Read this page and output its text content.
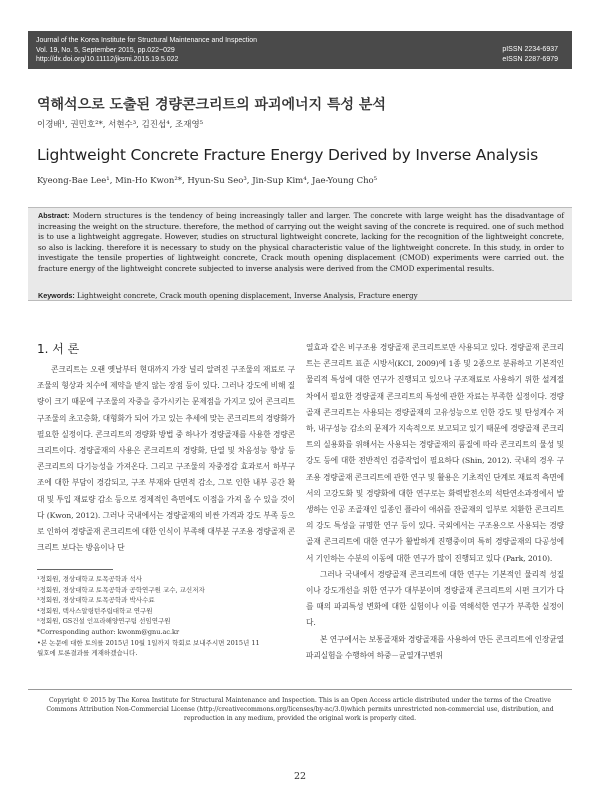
Journal of the Korea Institute for Structural Maintenance and Inspection
Vol. 19, No. 5, September 2015, pp.022~029
http://dx.doi.org/10.11112/jksmi.2015.19.5.022
pISSN 2234-6937
eISSN 2287-6979
역해석으로 도출된 경량콘크리트의 파괴에너지 특성 분석
이경배¹, 권민호²*, 서현수³, 김진섭⁴, 조재영⁵
Lightweight Concrete Fracture Energy Derived by Inverse Analysis
Kyeong-Bae Lee¹, Min-Ho Kwon²*, Hyun-Su Seo³, Jin-Sup Kim⁴, Jae-Young Cho⁵
Abstract: Modern structures is the tendency of being increasingly taller and larger. The concrete with large weight has the disadvantage of increasing the weight on the structure. therefore, the method of carrying out the weight saving of the concrete is required. one of such method is to use a lightweight aggregate. However, studies on structural lightweight concrete, lacking for the recognition of the lightweight concrete, so also is lacking. therefore it is necessary to study on the physical characteristic value of the lightweight concrete. In this study, in order to investigate the tensile properties of lightweight concrete, Crack mouth opening displacement (CMOD) experiments were carried out. the fracture energy of the lightweight concrete subjected to inverse analysis were derived from the CMOD experimental results.
Keywords: Lightweight concrete, Crack mouth opening displacement, Inverse Analysis, Fracture energy
1. 서 론

콘크리트는 오랜 옛날부터 현대까지 가장 널리 알려진 구조물의 재료로 구조물의 형상과 치수에 제약을 받지 않는 장점 등이 있다. 그러나 강도에 비해 질량이 크기 때문에 구조물의 자중을 증가시키는 문제점을 가지고 있어 콘크리트 구조물의 초고층화, 대형화가 되어 가고 있는 추세에 맞는 콘크리트의 경량화가 필요한 실정이다. 콘크리트의 경량화 방법 중 하나가 경량골재를 사용한 경량콘크리트이다. 경량골재의 사용은 콘크리트의 경량화, 단열 및 차음성능 향상 등 콘크리트의 다기능성을 가져온다. 그리고 구조물의 자중경감 효과로서 하부구조에 대한 부담이 경감되고, 구조 부재와 단면적 감소, 그로 인한 내부 공간 확대 및 투입 재료량 감소 등으로 경제적인 측면에도 이점을 가져 올 수 있을 것이다 (Kwon, 2012). 그러나 국내에서는 경량골재의 비싼 가격과 강도 부족 등으로 인하여 경량골재 콘크리트에 대한 인식이 부족해 대부분 구조용 경량골재 콘크리트 보다는 방음이나 단

¹정회원, 경상대학교 토목공학과 석사
²정회원, 경상대학교 토목공학과 공학연구원 교수, 교신저자
³정회원, 경상대학교 토목공학과 박사수료
⁴정회원, 텍사스알링턴주립대학교 연구원
⁵정회원, GS건설 인프라해양연구팀 선임연구원
*Corresponding author: kwonm@gnu.ac.kr
•본 논문에 대한 토의를 2015년 10월 1일까지 학회로 보내주시면 2015년 11
월호에 토론결과를 게재하겠습니다.

열효과 같은 비구조용 경량골재 콘크리트로만 사용되고 있다. 경량골재 콘크리트는 콘크리트 표준 시방서(KCI, 2009)에 1종 및 2종으로 분류하고 기본적인 물리적 특성에 대한 연구가 진행되고 있으나 구조재료로 사용하기 위한 설계절차에서 필요한 경량골재 콘크리트의 특성에 관한 자료는 부족한 실정이다. 경량골재 콘크리트는 사용되는 경량골재의 고유성능으로 인한 강도 및 탄성계수 저하, 내구성능 감소의 문제가 지속적으로 보고되고 있기 때문에 경량골재 콘크리트의 실용화를 위해서는 사용되는 경량골재의 품질에 따라 콘크리트의 물성 및 강도 등에 대한 전반적인 검증작업이 필요하다 (Shin, 2012). 국내의 경우 구조용 경량골재 콘크리트에 관한 연구 및 활용은 기초적인 단계로 재료적 측면에서의 고강도화 및 경량화에 대한 연구로는 화력발전소의 석탄연소과정에서 발생하는 인공 조골재인 일종인 플라이 애쉬를 잔골재의 일부로 치환한 콘크리트의 강도 특성을 규명한 연구 등이 있다. 국외에서는 구조용으로 사용되는 경량골재 콘크리트에 대한 연구가 활발하게 진행중이며 특히 경량골재의 다공성에서 기인하는 수분의 이동에 대한 연구가 많이 진행되고 있다 (Park, 2010).

그러나 국내에서 경량골재 콘크리트에 대한 연구는 기본적인 물리적 성질이나 강도개선을 위한 연구가 대부분이며 경량골재 콘크리트의 시편 크기가 다를 때의 파괴특성 변화에 대한 실험이나 이를 역해석한 연구가 부족한 실정이다.

본 연구에서는 보통골재와 경량골재를 사용하여 만든 콘크리트에 인장균열파괴실험을 수행하여 하중－균열개구변위

Copyright © 2015 by The Korea Institute for Structural Maintenance and Inspection. This is an Open Access article distributed under the terms of the Creative Commons Attribution Non-Commercial License (http://creativecommons.org/licenses/by-nc/3.0)which permits unrestricted non-commercial use, distribution, and reproduction in any medium, provided the original work is properly cited.
22
